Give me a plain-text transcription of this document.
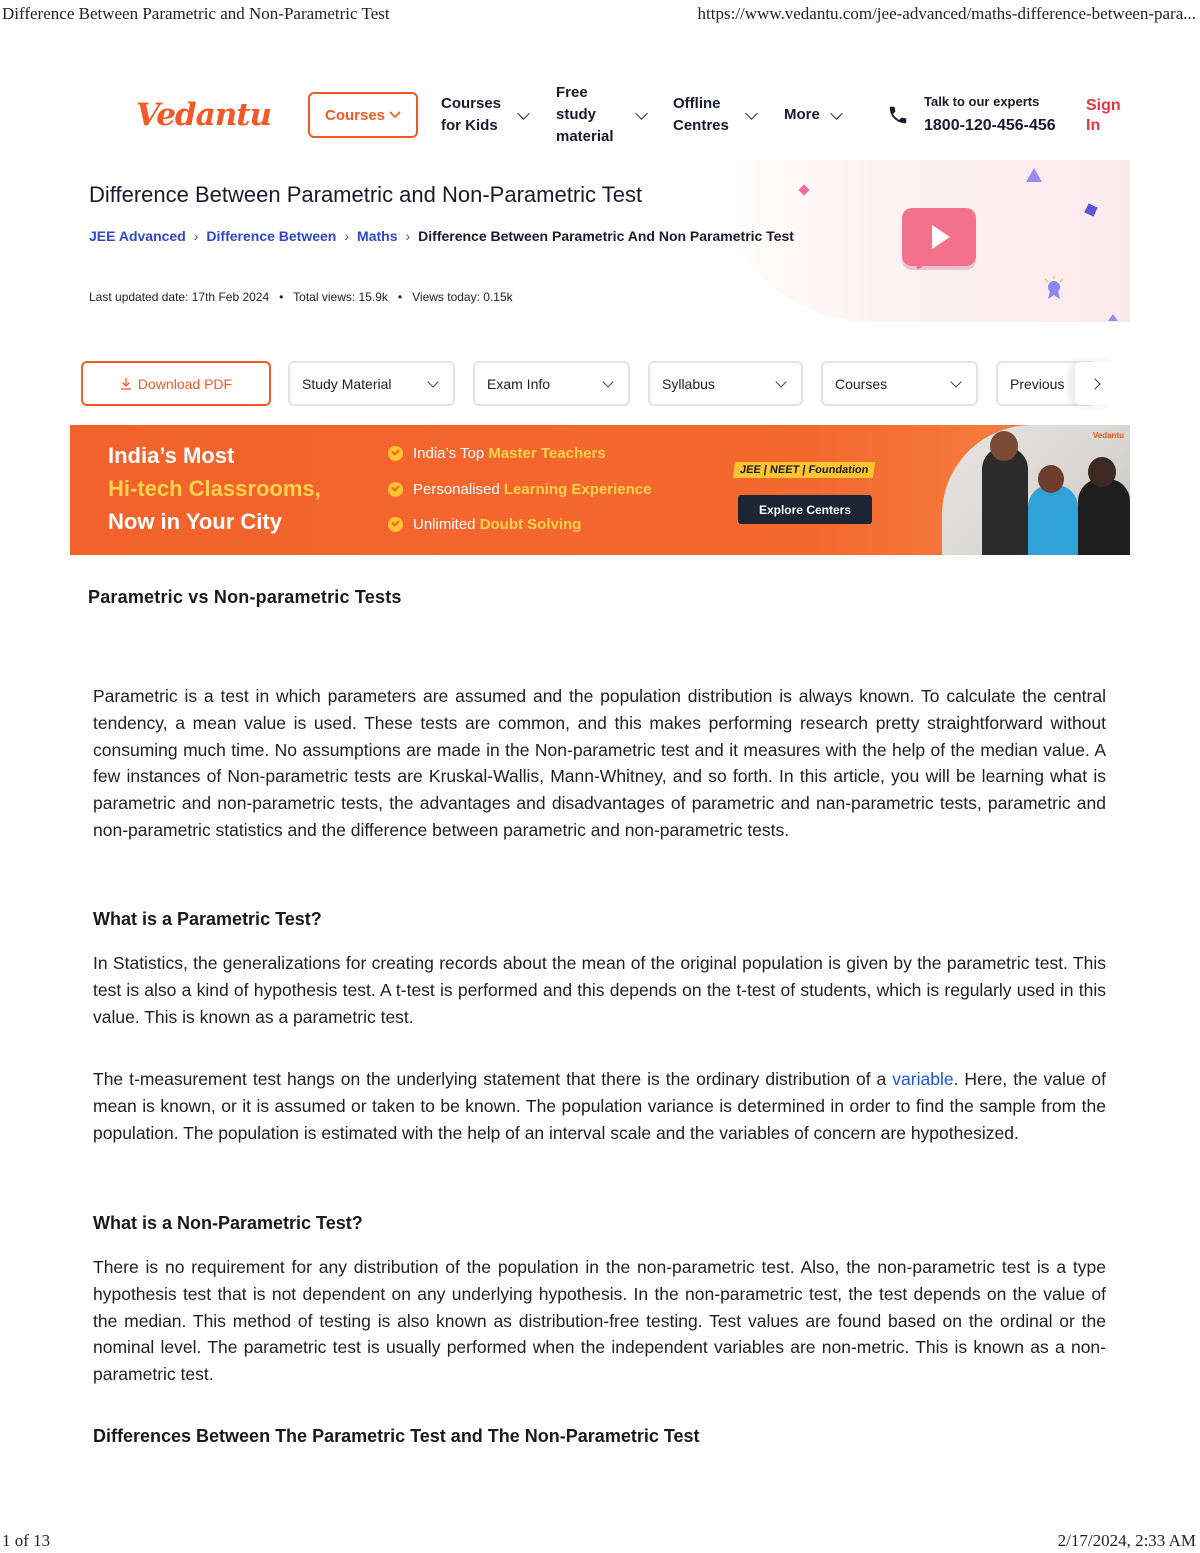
Difference Between Parametric and Non-Parametric Test	https://www.vedantu.com/jee-advanced/maths-difference-between-para...
Vedantu	Courses
Courses
for Kids
Free
study
material
Offline
Centres
More
Talk to our experts
1800-120-456-456
Sign
In
Difference Between Parametric and Non-Parametric Test
JEE Advanced › Difference Between › Maths › Difference Between Parametric And Non Parametric Test
Last updated date: 17th Feb 2024   •   Total views: 15.9k   •   Views today: 0.15k
Download PDF	Study Material	Exam Info	Syllabus	Courses	Previous
India’s Most
Hi-tech Classrooms,
Now in Your City
India’s Top Master Teachers
Personalised Learning Experience
Unlimited Doubt Solving
JEE | NEET | Foundation
Explore Centers
Vedantu
Parametric vs Non-parametric Tests

Parametric is a test in which parameters are assumed and the population distribution is always known. To calculate the central tendency, a mean value is used. These tests are common, and this makes performing research pretty straightforward without consuming much time. No assumptions are made in the Non-parametric test and it measures with the help of the median value. A few instances of Non-parametric tests are Kruskal-Wallis, Mann-Whitney, and so forth. In this article, you will be learning what is parametric and non-parametric tests, the advantages and disadvantages of parametric and nan-parametric tests, parametric and non-parametric statistics and the difference between parametric and non-parametric tests.

What is a Parametric Test?

In Statistics, the generalizations for creating records about the mean of the original population is given by the parametric test. This test is also a kind of hypothesis test. A t-test is performed and this depends on the t-test of students, which is regularly used in this value. This is known as a parametric test.

The t-measurement test hangs on the underlying statement that there is the ordinary distribution of a variable. Here, the value of mean is known, or it is assumed or taken to be known. The population variance is determined in order to find the sample from the population. The population is estimated with the help of an interval scale and the variables of concern are hypothesized.

What is a Non-Parametric Test?

There is no requirement for any distribution of the population in the non-parametric test. Also, the non-parametric test is a type hypothesis test that is not dependent on any underlying hypothesis. In the non-parametric test, the test depends on the value of the median. This method of testing is also known as distribution-free testing. Test values are found based on the ordinal or the nominal level. The parametric test is usually performed when the independent variables are non-metric. This is known as a non-parametric test.

Differences Between The Parametric Test and The Non-Parametric Test
1 of 13	2/17/2024, 2:33 AM
